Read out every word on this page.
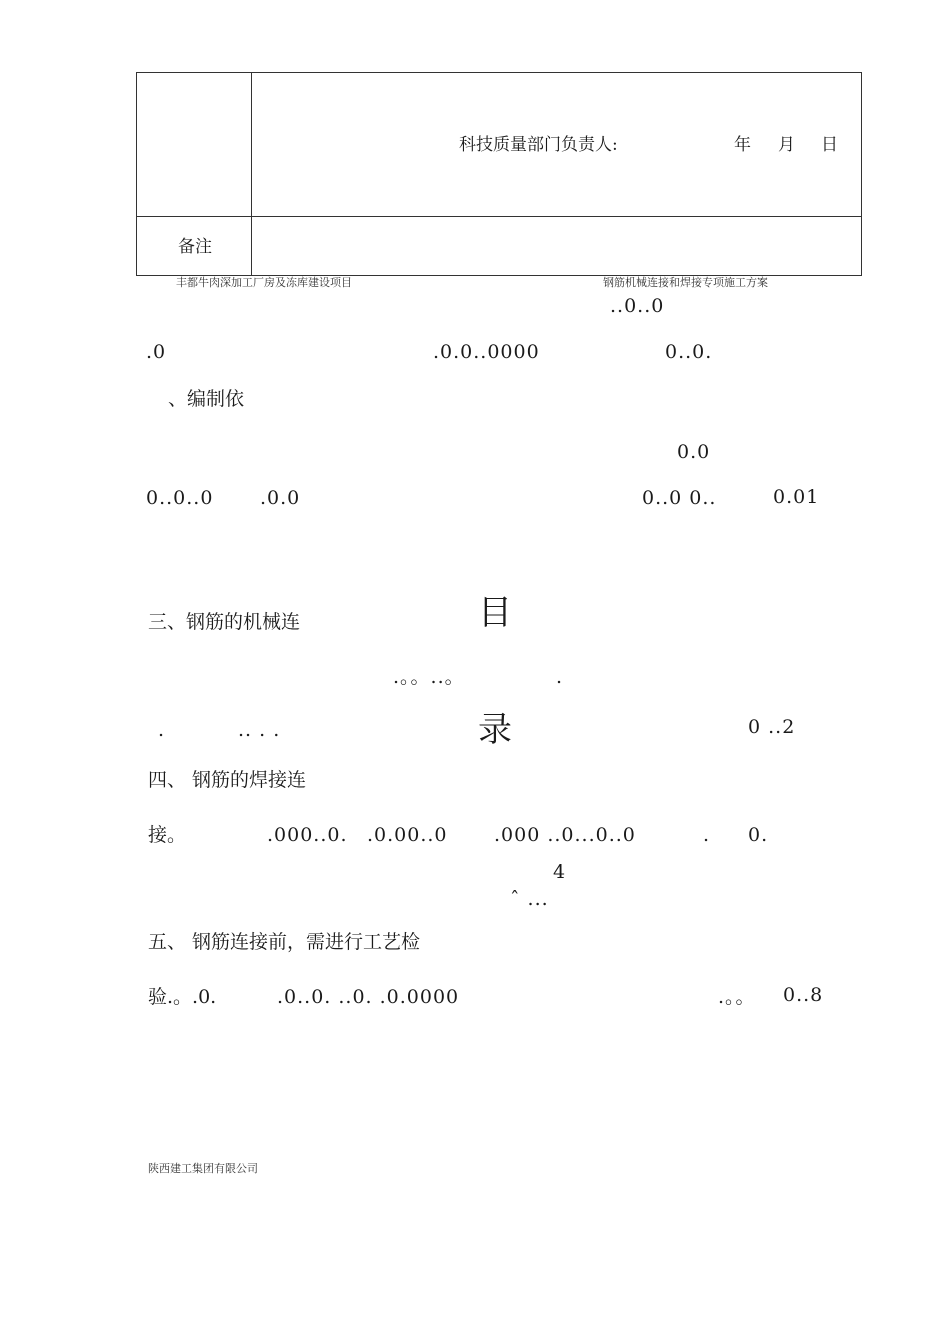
科技质量部门负责人:	年 月 日
备注
丰都牛肉深加工厂房及冻库建设项目	钢筋机械连接和焊接专项施工方案
..0..0
.0	.0.0..0000	0..0.
、编制依
0.0
0..0..0 .0.0	0..0 0..	0.01

目

录

三、钢筋的机械连
.。。..。	.
.	.. . .	0 ..2
四、 钢筋的焊接连
接。	.000..0. .0.00..0 .000 ..0...0..0	. 0.
4
ˆ ...
五、 钢筋连接前，需进行工艺检
验.。.0.	.0..0. ..0. .0.0000	.。。 0..8
陕西建工集团有限公司
